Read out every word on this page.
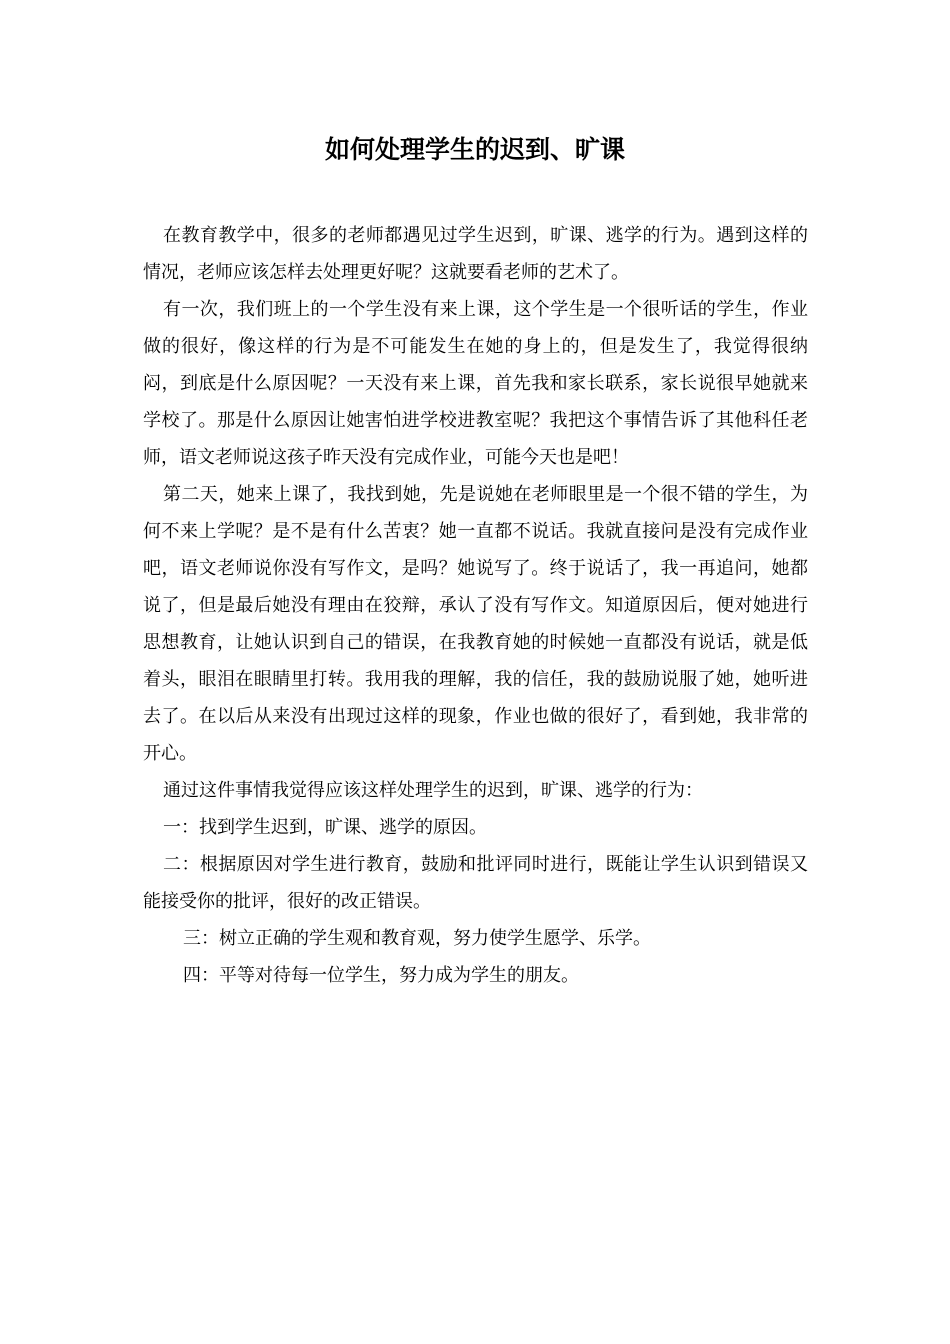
如何处理学生的迟到、旷课

在教育教学中，很多的老师都遇见过学生迟到，旷课、逃学的行为。遇到这样的情况，老师应该怎样去处理更好呢？这就要看老师的艺术了。

有一次，我们班上的一个学生没有来上课，这个学生是一个很听话的学生，作业做的很好，像这样的行为是不可能发生在她的身上的，但是发生了，我觉得很纳闷，到底是什么原因呢？一天没有来上课，首先我和家长联系，家长说很早她就来学校了。那是什么原因让她害怕进学校进教室呢？我把这个事情告诉了其他科任老师，语文老师说这孩子昨天没有完成作业，可能今天也是吧！

第二天，她来上课了，我找到她，先是说她在老师眼里是一个很不错的学生，为何不来上学呢？是不是有什么苦衷？她一直都不说话。我就直接问是没有完成作业吧，语文老师说你没有写作文，是吗？她说写了。终于说话了，我一再追问，她都说了，但是最后她没有理由在狡辩，承认了没有写作文。知道原因后，便对她进行思想教育，让她认识到自己的错误，在我教育她的时候她一直都没有说话，就是低着头，眼泪在眼睛里打转。我用我的理解，我的信任，我的鼓励说服了她，她听进去了。在以后从来没有出现过这样的现象，作业也做的很好了，看到她，我非常的开心。

通过这件事情我觉得应该这样处理学生的迟到，旷课、逃学的行为：

一：找到学生迟到，旷课、逃学的原因。

二：根据原因对学生进行教育，鼓励和批评同时进行，既能让学生认识到错误又能接受你的批评，很好的改正错误。

三：树立正确的学生观和教育观，努力使学生愿学、乐学。

四：平等对待每一位学生，努力成为学生的朋友。
